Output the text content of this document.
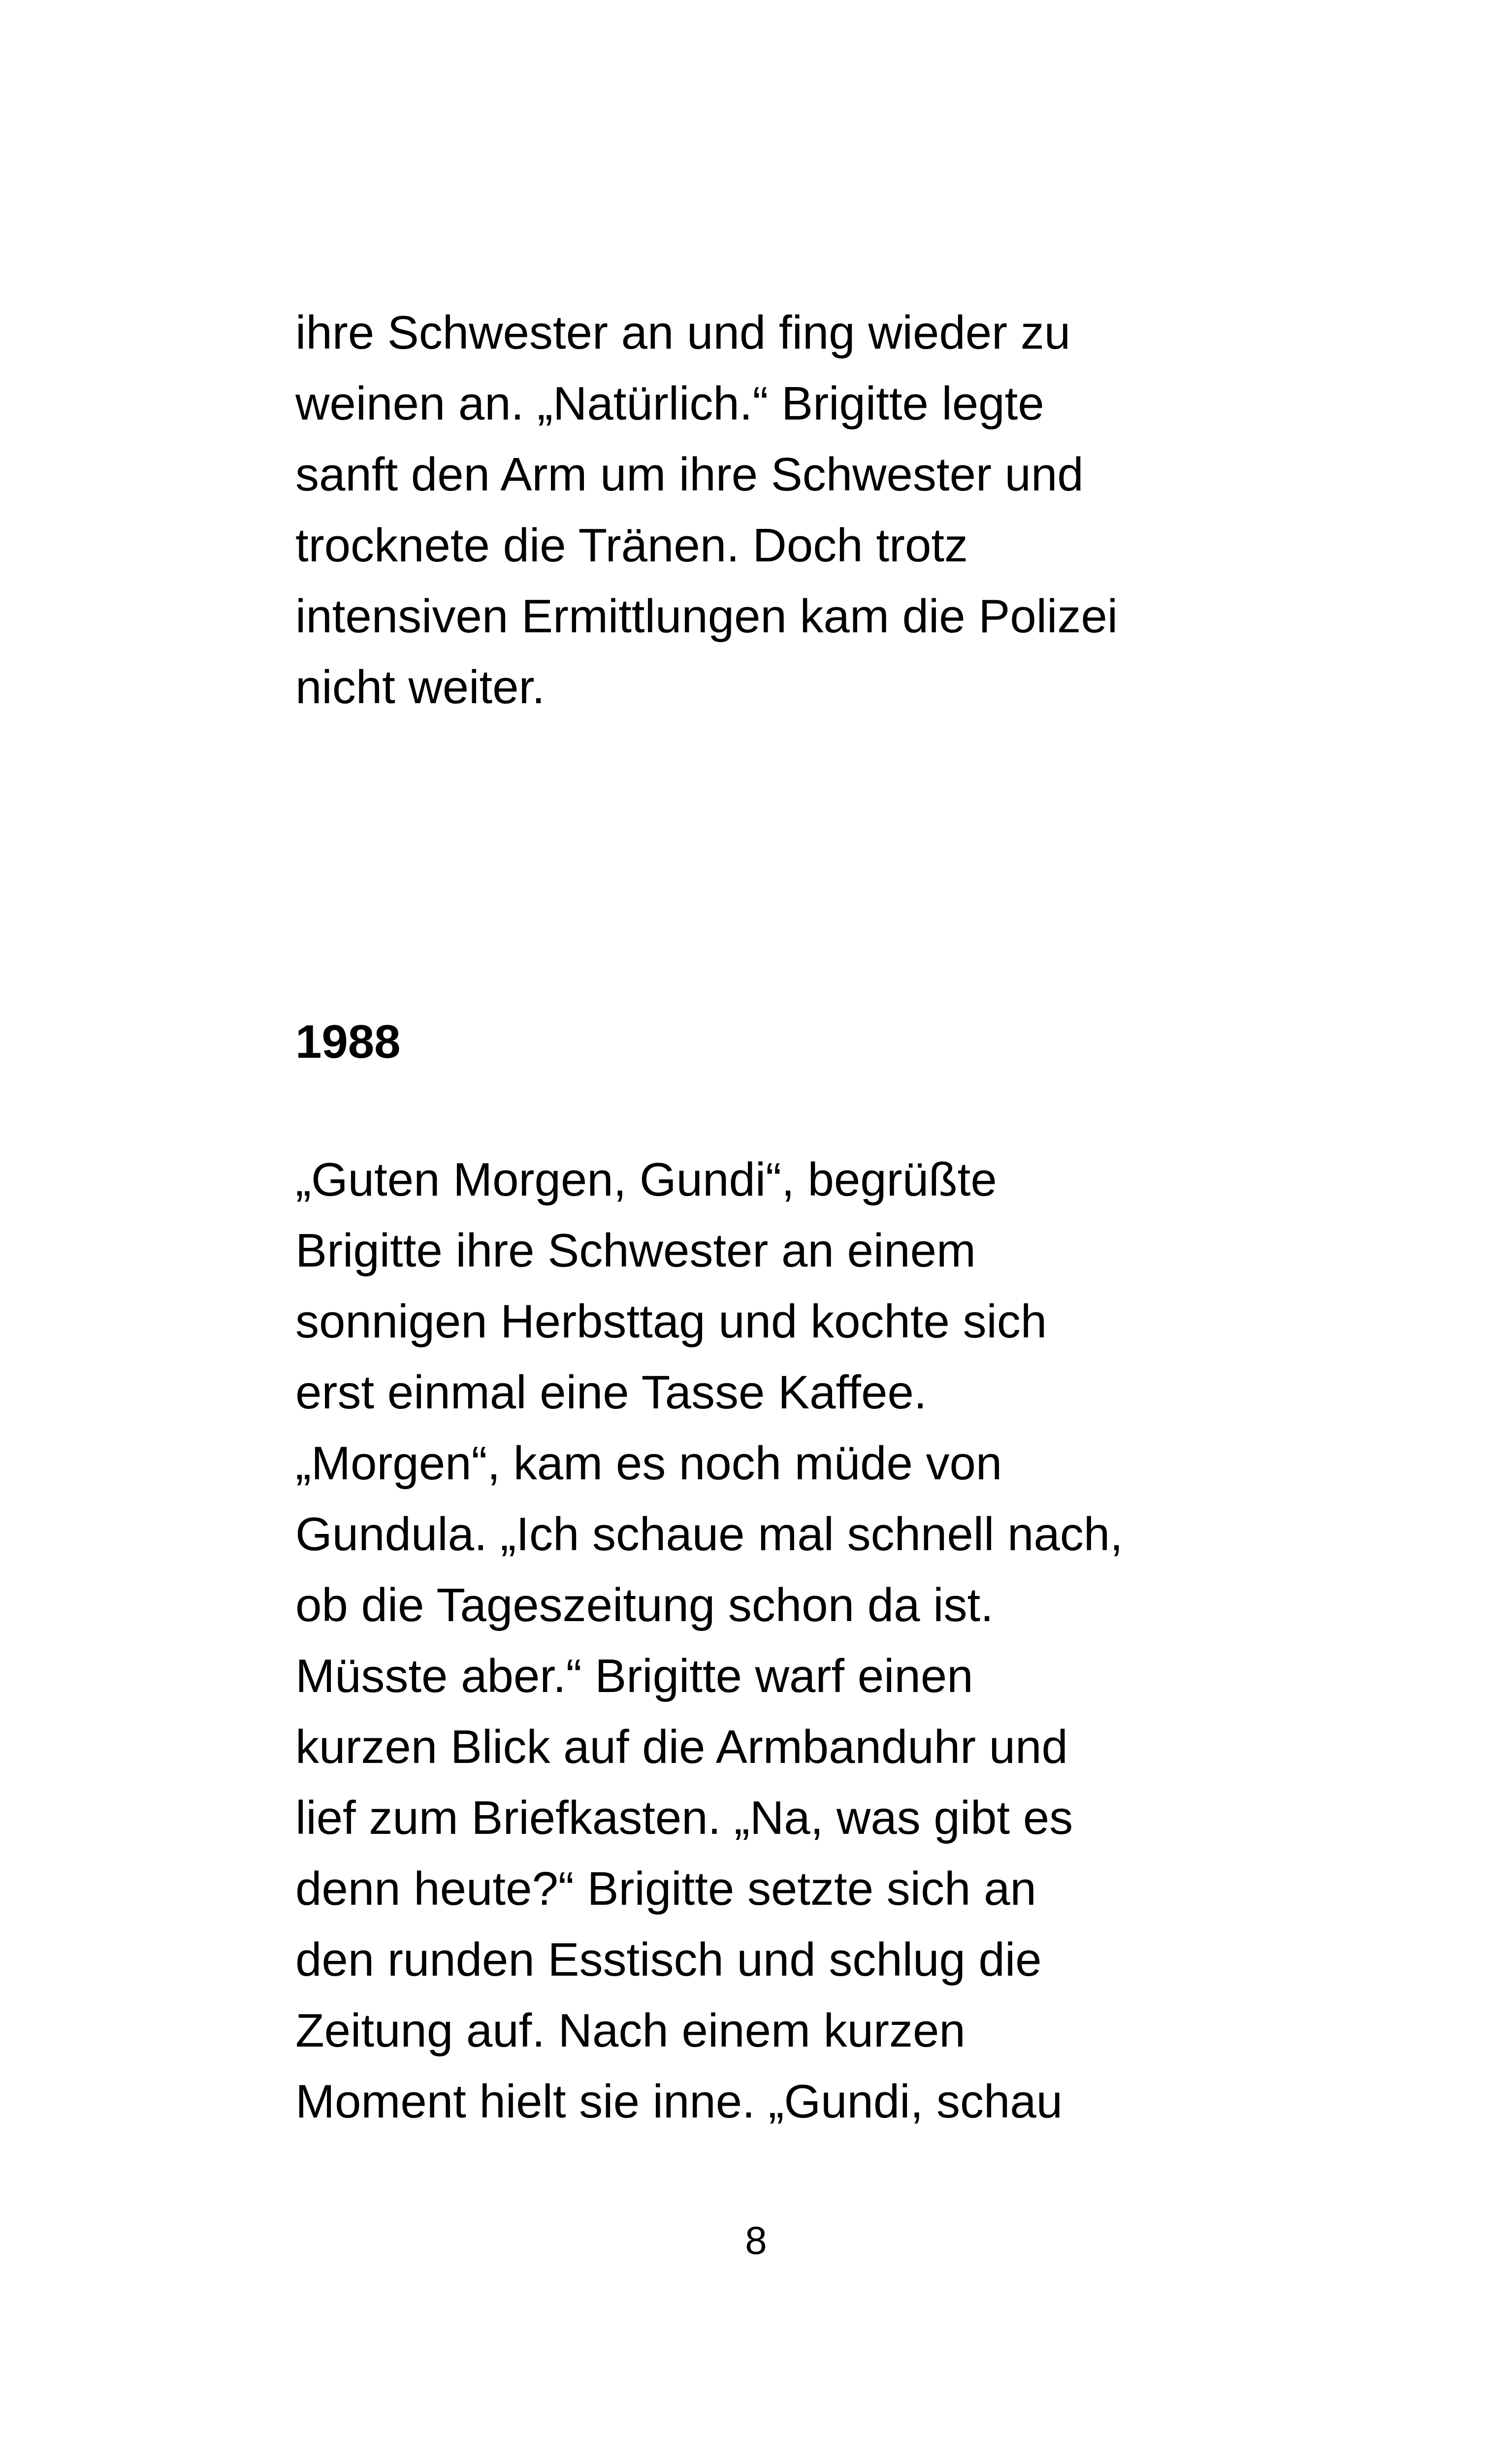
ihre Schwester an und fing wieder zu
weinen an. „Natürlich.“ Brigitte legte
sanft den Arm um ihre Schwester und
trocknete die Tränen. Doch trotz
intensiven Ermittlungen kam die Polizei
nicht weiter.

1988

„Guten Morgen, Gundi“, begrüßte
Brigitte ihre Schwester an einem
sonnigen Herbsttag und kochte sich
erst einmal eine Tasse Kaffee.
„Morgen“, kam es noch müde von
Gundula. „Ich schaue mal schnell nach,
ob die Tageszeitung schon da ist.
Müsste aber.“ Brigitte warf einen
kurzen Blick auf die Armbanduhr und
lief zum Briefkasten. „Na, was gibt es
denn heute?“ Brigitte setzte sich an
den runden Esstisch und schlug die
Zeitung auf. Nach einem kurzen
Moment hielt sie inne. „Gundi, schau

8
